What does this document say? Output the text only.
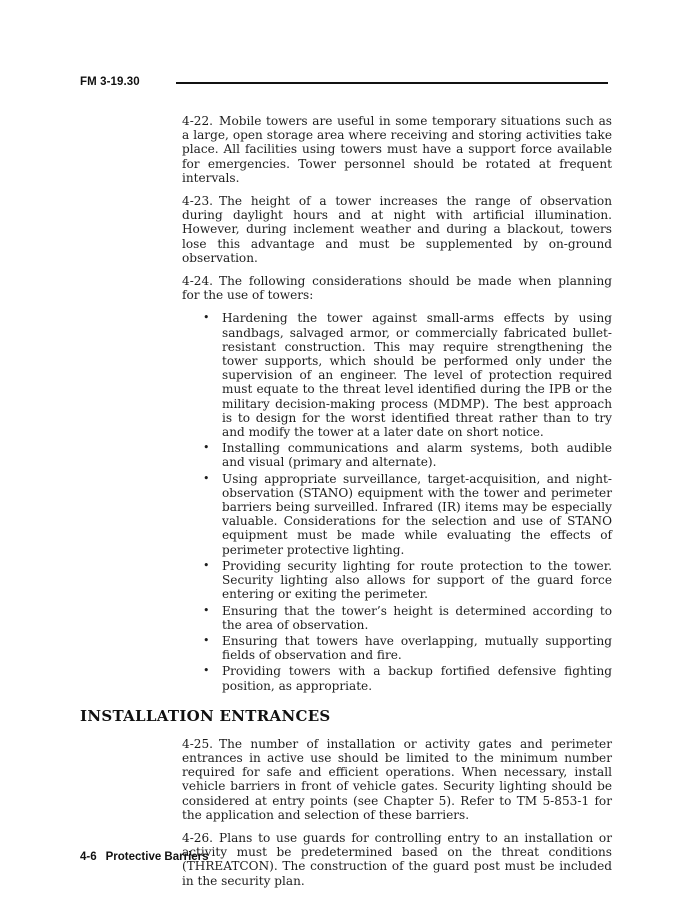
FM 3-19.30

4-22. Mobile towers are useful in some temporary situations such as a large, open storage area where receiving and storing activities take place. All facilities using towers must have a support force available for emergencies. Tower personnel should be rotated at frequent intervals.

4-23. The height of a tower increases the range of observation during daylight hours and at night with artificial illumination. However, during inclement weather and during a blackout, towers lose this advantage and must be supplemented by on-ground observation.

4-24. The following considerations should be made when planning for the use of towers:

•	Hardening the tower against small-arms effects by using sandbags, salvaged armor, or commercially fabricated bullet-resistant construction. This may require strengthening the tower supports, which should be performed only under the supervision of an engineer. The level of protection required must equate to the threat level identified during the IPB or the military decision-making process (MDMP). The best approach is to design for the worst identified threat rather than to try and modify the tower at a later date on short notice.
•	Installing communications and alarm systems, both audible and visual (primary and alternate).
•	Using appropriate surveillance, target-acquisition, and night-observation (STANO) equipment with the tower and perimeter barriers being surveilled. Infrared (IR) items may be especially valuable. Considerations for the selection and use of STANO equipment must be made while evaluating the effects of perimeter protective lighting.
•	Providing security lighting for route protection to the tower. Security lighting also allows for support of the guard force entering or exiting the perimeter.
•	Ensuring that the tower’s height is determined according to the area of observation.
•	Ensuring that towers have overlapping, mutually supporting fields of observation and fire.
•	Providing towers with a backup fortified defensive fighting position, as appropriate.
INSTALLATION ENTRANCES

4-25. The number of installation or activity gates and perimeter entrances in active use should be limited to the minimum number required for safe and efficient operations. When necessary, install vehicle barriers in front of vehicle gates. Security lighting should be considered at entry points (see Chapter 5). Refer to TM 5-853-1 for the application and selection of these barriers.

4-26. Plans to use guards for controlling entry to an installation or activity must be predetermined based on the threat conditions (THREATCON). The construction of the guard post must be included in the security plan.

4-6 Protective Barriers
